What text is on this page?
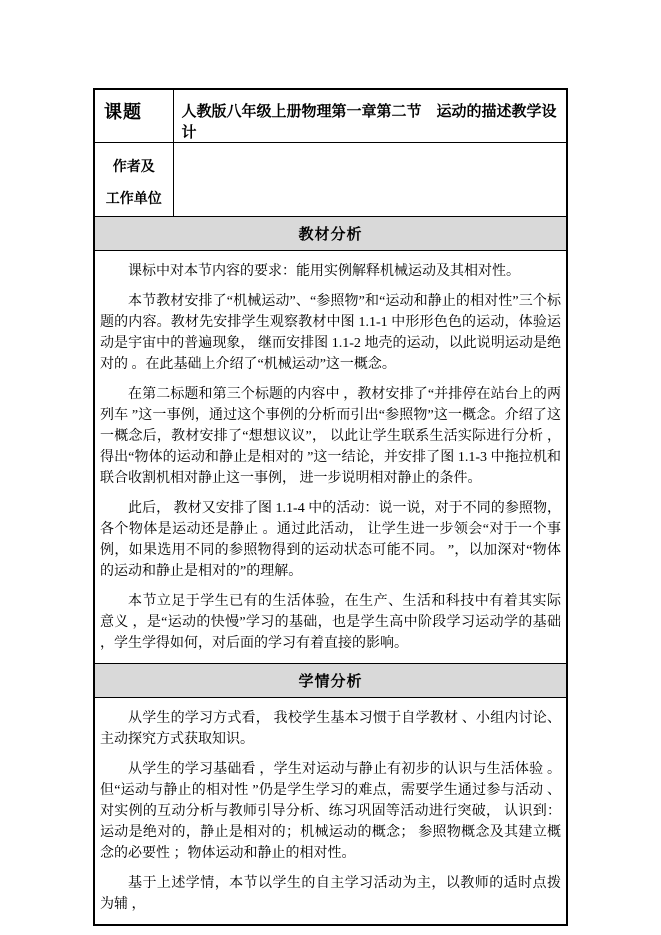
课题	人教版八年级上册物理第一章第二节　运动的描述教学设计

作者及
工作单位	

教材分析	

课标中对本节内容的要求：能用实例解释机械运动及其相对性。

本节教材安排了“机械运动”、“参照物”和“运动和静止的相对性”三个标题的内容。教材先安排学生观察教材中图 1.1-1 中形形色色的运动，体验运动是宇宙中的普遍现象， 继而安排图 1.1-2 地壳的运动，以此说明运动是绝对的 。在此基础上介绍了“机械运动”这一概念。

在第二标题和第三个标题的内容中 ，教材安排了“并排停在站台上的两列车 ”这一事例，通过这个事例的分析而引出“参照物”这一概念。介绍了这一概念后，教材安排了“想想议议”， 以此让学生联系生活实际进行分析 ， 得出“物体的运动和静止是相对的 ”这一结论，并安排了图 1.1-3 中拖拉机和联合收割机相对静止这一事例， 进一步说明相对静止的条件。

此后， 教材又安排了图 1.1-4 中的活动：说一说，对于不同的参照物， 各个物体是运动还是静止 。通过此活动， 让学生进一步领会“对于一个事例，如果选用不同的参照物得到的运动状态可能不同。 ”，以加深对“物体的运动和静止是相对的”的理解。

本节立足于学生已有的生活体验，在生产、生活和科技中有着其实际意义 ，是“运动的快慢”学习的基础，也是学生高中阶段学习运动学的基础 ，学生学得如何，对后面的学习有着直接的影响。	

学情分析	

从学生的学习方式看， 我校学生基本习惯于自学教材 、小组内讨论、主动探究方式获取知识。

从学生的学习基础看 ，学生对运动与静止有初步的认识与生活体验 。但“运动与静止的相对性 ”仍是学生学习的难点，需要学生通过参与活动 、对实例的互动分析与教师引导分析、练习巩固等活动进行突破， 认识到：运动是绝对的，静止是相对的；机械运动的概念； 参照物概念及其建立概念的必要性 ；物体运动和静止的相对性。

基于上述学情，本节以学生的自主学习活动为主，以教师的适时点拨为辅 ，	
